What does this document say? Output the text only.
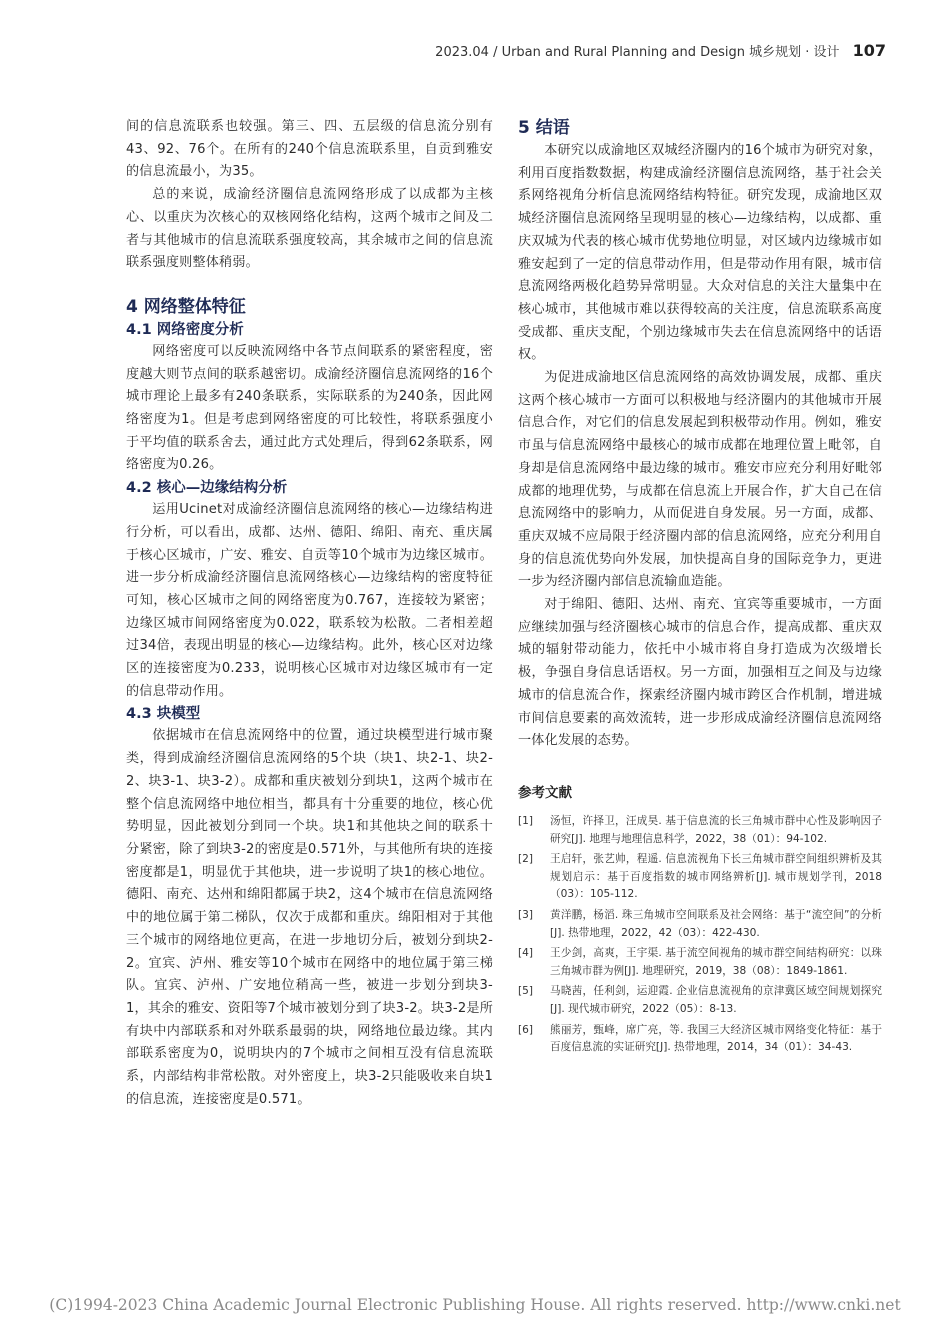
2023.04 / Urban and Rural Planning and Design 城乡规划 · 设计 107

间的信息流联系也较强。第三、四、五层级的信息流分别有43、92、76个。在所有的240个信息流联系里，自贡到雅安的信息流最小，为35。

总的来说，成渝经济圈信息流网络形成了以成都为主核心、以重庆为次核心的双核网络化结构，这两个城市之间及二者与其他城市的信息流联系强度较高，其余城市之间的信息流联系强度则整体稍弱。

4 网络整体特征
4.1 网络密度分析

网络密度可以反映流网络中各节点间联系的紧密程度，密度越大则节点间的联系越密切。成渝经济圈信息流网络的16个城市理论上最多有240条联系，实际联系的为240条，因此网络密度为1。但是考虑到网络密度的可比较性，将联系强度小于平均值的联系舍去，通过此方式处理后，得到62条联系，网络密度为0.26。

4.2 核心—边缘结构分析

运用Ucinet对成渝经济圈信息流网络的核心—边缘结构进行分析，可以看出，成都、达州、德阳、绵阳、南充、重庆属于核心区城市，广安、雅安、自贡等10个城市为边缘区城市。进一步分析成渝经济圈信息流网络核心—边缘结构的密度特征可知，核心区城市之间的网络密度为0.767，连接较为紧密；边缘区城市间网络密度为0.022，联系较为松散。二者相差超过34倍，表现出明显的核心—边缘结构。此外，核心区对边缘区的连接密度为0.233，说明核心区城市对边缘区城市有一定的信息带动作用。

4.3 块模型

依据城市在信息流网络中的位置，通过块模型进行城市聚类，得到成渝经济圈信息流网络的5个块（块1、块2-1、块2-2、块3-1、块3-2）。成都和重庆被划分到块1，这两个城市在整个信息流网络中地位相当，都具有十分重要的地位，核心优势明显，因此被划分到同一个块。块1和其他块之间的联系十分紧密，除了到块3-2的密度是0.571外，与其他所有块的连接密度都是1，明显优于其他块，进一步说明了块1的核心地位。德阳、南充、达州和绵阳都属于块2，这4个城市在信息流网络中的地位属于第二梯队，仅次于成都和重庆。绵阳相对于其他三个城市的网络地位更高，在进一步地切分后，被划分到块2-2。宜宾、泸州、雅安等10个城市在网络中的地位属于第三梯队。宜宾、泸州、广安地位稍高一些，被进一步划分到块3-1，其余的雅安、资阳等7个城市被划分到了块3-2。块3-2是所有块中内部联系和对外联系最弱的块，网络地位最边缘。其内部联系密度为0，说明块内的7个城市之间相互没有信息流联系，内部结构非常松散。对外密度上，块3-2只能吸收来自块1的信息流，连接密度是0.571。

5 结语

本研究以成渝地区双城经济圈内的16个城市为研究对象，利用百度指数数据，构建成渝经济圈信息流网络，基于社会关系网络视角分析信息流网络结构特征。研究发现，成渝地区双城经济圈信息流网络呈现明显的核心—边缘结构，以成都、重庆双城为代表的核心城市优势地位明显，对区域内边缘城市如雅安起到了一定的信息带动作用，但是带动作用有限，城市信息流网络两极化趋势异常明显。大众对信息的关注大量集中在核心城市，其他城市难以获得较高的关注度，信息流联系高度受成都、重庆支配，个别边缘城市失去在信息流网络中的话语权。

为促进成渝地区信息流网络的高效协调发展，成都、重庆这两个核心城市一方面可以积极地与经济圈内的其他城市开展信息合作，对它们的信息发展起到积极带动作用。例如，雅安市虽与信息流网络中最核心的城市成都在地理位置上毗邻，自身却是信息流网络中最边缘的城市。雅安市应充分利用好毗邻成都的地理优势，与成都在信息流上开展合作，扩大自己在信息流网络中的影响力，从而促进自身发展。另一方面，成都、重庆双城不应局限于经济圈内部的信息流网络，应充分利用自身的信息流优势向外发展，加快提高自身的国际竞争力，更进一步为经济圈内部信息流输血造能。

对于绵阳、德阳、达州、南充、宜宾等重要城市，一方面应继续加强与经济圈核心城市的信息合作，提高成都、重庆双城的辐射带动能力，依托中小城市将自身打造成为次级增长极，争强自身信息话语权。另一方面，加强相互之间及与边缘城市的信息流合作，探索经济圈内城市跨区合作机制，增进城市间信息要素的高效流转，进一步形成成渝经济圈信息流网络一体化发展的态势。

参考文献
[1]	汤恒，许择卫，汪成昊. 基于信息流的长三角城市群中心性及影响因子研究[J]. 地理与地理信息科学，2022，38（01）：94-102.
[2]	王启轩，张艺帅，程遥. 信息流视角下长三角城市群空间组织辨析及其规划启示：基于百度指数的城市网络辨析[J]. 城市规划学刊，2018（03）：105-112.
[3]	黄洋鹏，杨滔. 珠三角城市空间联系及社会网络：基于“流空间”的分析[J]. 热带地理，2022，42（03）：422-430.
[4]	王少剑，高爽，王宇渠. 基于流空间视角的城市群空间结构研究：以珠三角城市群为例[J]. 地理研究，2019，38（08）：1849-1861.
[5]	马晓茜，任利剑，运迎霞. 企业信息流视角的京津冀区域空间规划探究[J]. 现代城市研究，2022（05）：8-13.
[6]	熊丽芳，甄峰，席广亮，等. 我国三大经济区城市网络变化特征：基于百度信息流的实证研究[J]. 热带地理，2014，34（01）：34-43.
(C)1994-2023 China Academic Journal Electronic Publishing House. All rights reserved. http://www.cnki.net
